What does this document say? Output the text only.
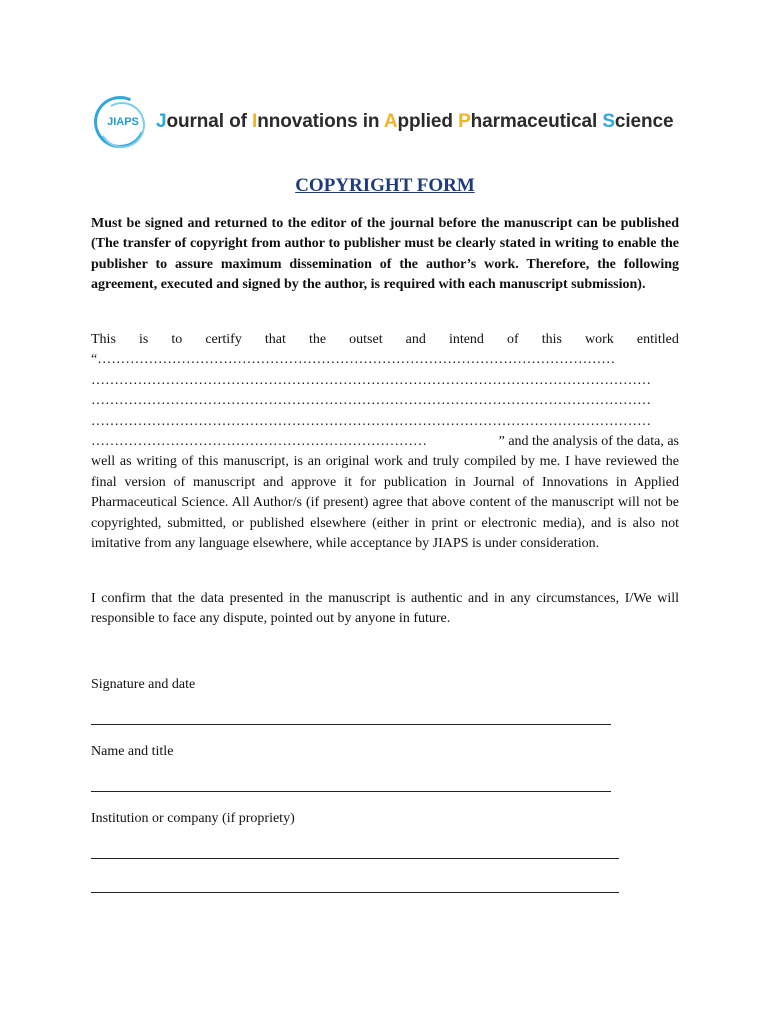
JIAPS Journal of Innovations in Applied Pharmaceutical Science
COPYRIGHT FORM
Must be signed and returned to the editor of the journal before the manuscript can be published (The transfer of copyright from author to publisher must be clearly stated in writing to enable the publisher to assure maximum dissemination of the author’s work. Therefore, the following agreement, executed and signed by the author, is required with each manuscript submission).
This is to certify that the outset and intend of this work entitled
“…………………………………………………………………………………………………
…………………………………………………………………………………………………………
…………………………………………………………………………………………………………
…………………………………………………………………………………………………………
………………………………………………………………	” and the analysis of the data, as
well as writing of this manuscript, is an original work and truly compiled by me. I have reviewed the final version of manuscript and approve it for publication in Journal of Innovations in Applied Pharmaceutical Science. All Author/s (if present) agree that above content of the manuscript will not be copyrighted, submitted, or published elsewhere (either in print or electronic media), and is also not imitative from any language elsewhere, while acceptance by JIAPS is under consideration.
I confirm that the data presented in the manuscript is authentic and in any circumstances, I/We will responsible to face any dispute, pointed out by anyone in future.
Signature and date
Name and title
Institution or company (if propriety)
